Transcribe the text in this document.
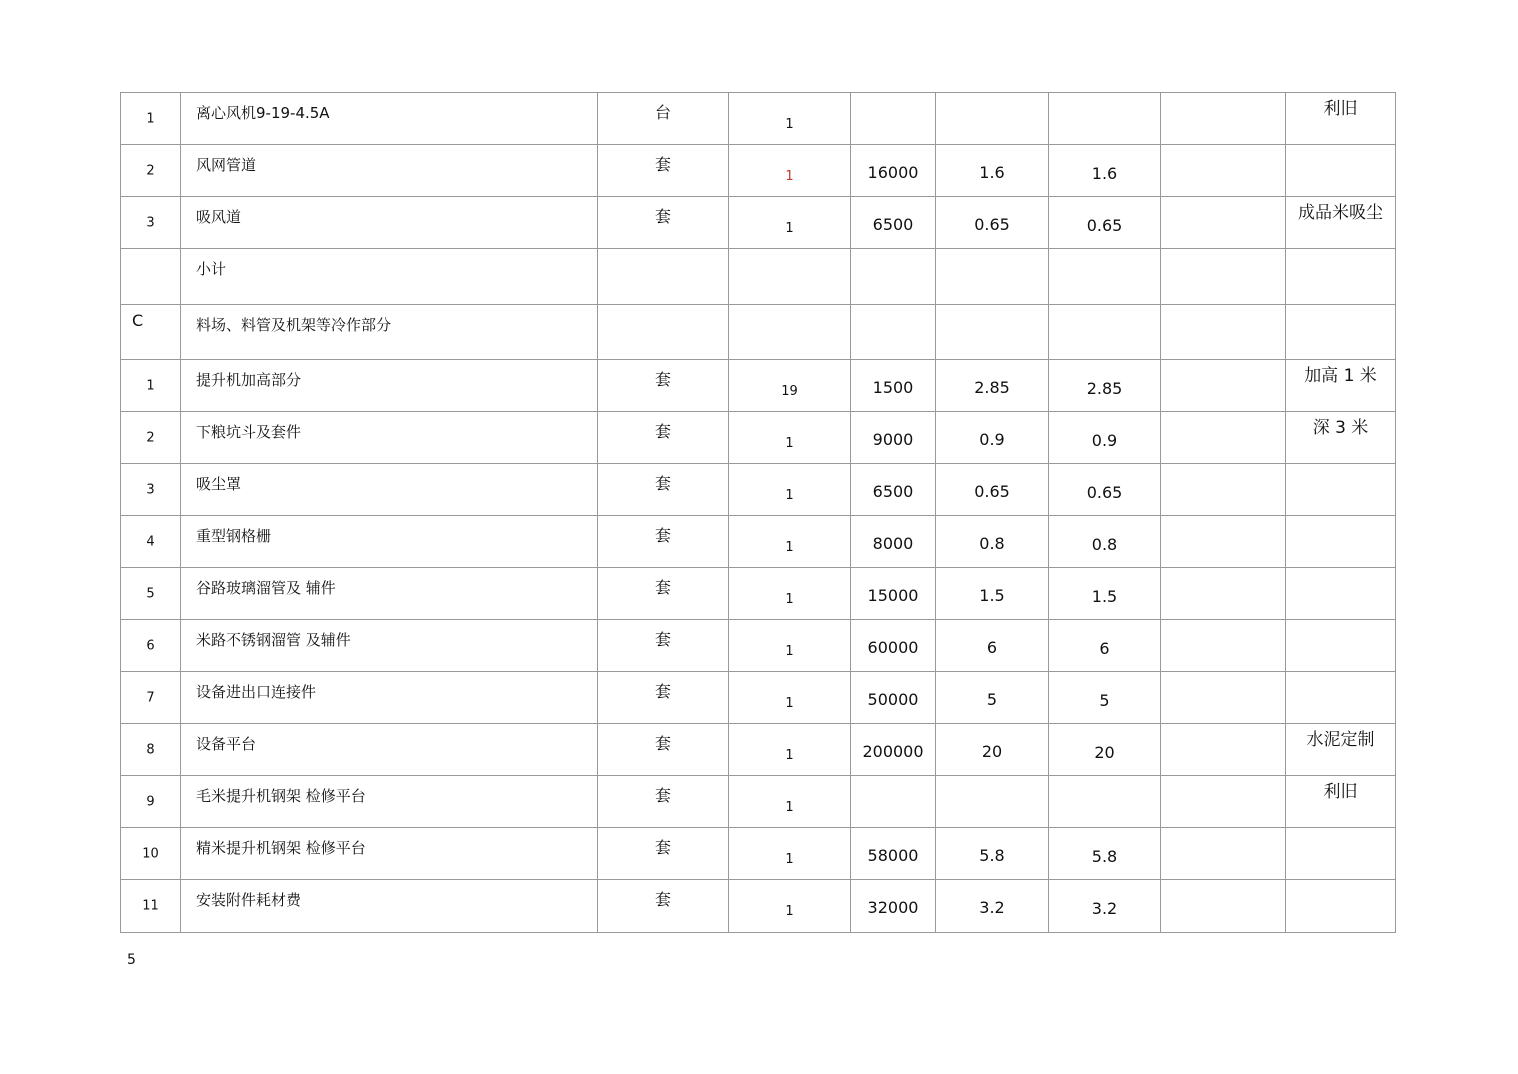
1	离心风机9-19-4.5A	台	1					利旧

2	风网管道	套	1	16000	1.6	1.6		

3	吸风道	套	1	6500	0.65	0.65		成品米吸尘

	小计							

C	料场、料管及机架等冷作部分							

1	提升机加高部分	套	19	1500	2.85	2.85		加高 1 米

2	下粮坑斗及套件	套	1	9000	0.9	0.9		深 3 米

3	吸尘罩	套	1	6500	0.65	0.65		

4	重型钢格栅	套	1	8000	0.8	0.8		

5	谷路玻璃溜管及 辅件	套	1	15000	1.5	1.5		

6	米路不锈钢溜管 及辅件	套	1	60000	6	6		

7	设备进出口连接件	套	1	50000	5	5		

8	设备平台	套	1	200000	20	20		水泥定制

9	毛米提升机钢架 检修平台	套	1					利旧

10	精米提升机钢架 检修平台	套	1	58000	5.8	5.8		

11	安装附件耗材费	套	1	32000	3.2	3.2		

5
